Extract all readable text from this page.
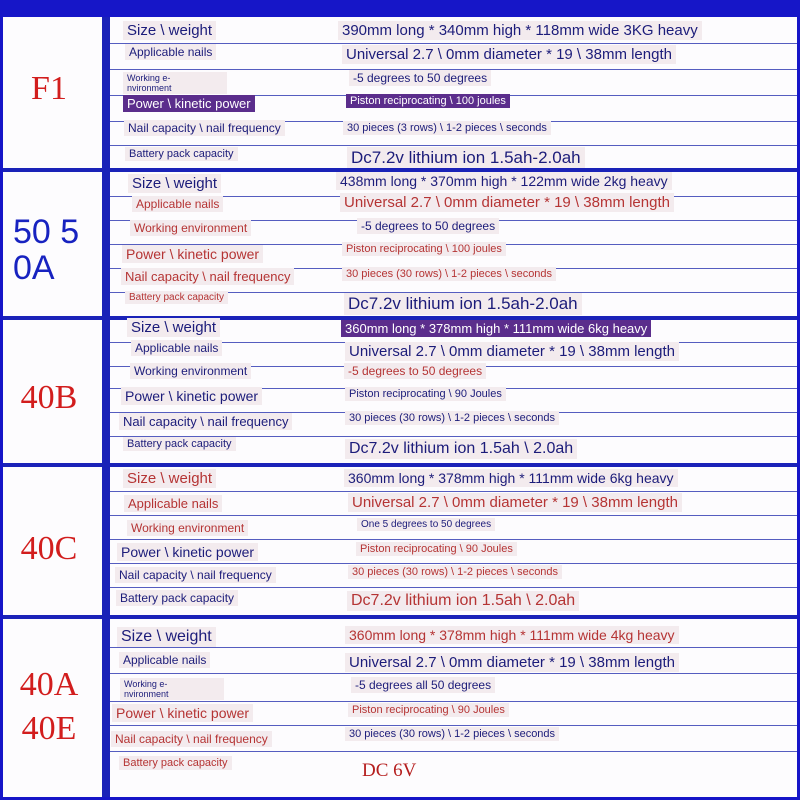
F1
Size \ weight
Applicable nails
Working e-
nvironment
Power \ kinetic power
Nail capacity \ nail frequency
Battery pack capacity
390mm long * 340mm high * 118mm wide 3KG heavy
Universal 2.7 \ 0mm diameter * 19 \ 38mm length
-5 degrees to 50 degrees
Piston reciprocating \ 100 joules
30 pieces (3 rows) \ 1-2 pieces \ seconds
Dc7.2v lithium ion 1.5ah-2.0ah
50 5 0A
Size \ weight
Applicable nails
Working environment
Power \ kinetic power
Nail capacity \ nail frequency
Battery pack capacity
438mm long * 370mm high * 122mm wide 2kg heavy
Universal 2.7 \ 0mm diameter * 19 \ 38mm length
-5 degrees to 50 degrees
Piston reciprocating \ 100 joules
30 pieces (30 rows) \ 1-2 pieces \ seconds
Dc7.2v lithium ion 1.5ah-2.0ah
40B
Size \ weight
Applicable nails
Working environment
Power \ kinetic power
Nail capacity \ nail frequency
Battery pack capacity
360mm long * 378mm high * 111mm wide 6kg heavy
Universal 2.7 \ 0mm diameter * 19 \ 38mm length
-5 degrees to 50 degrees
Piston reciprocating \ 90 Joules
30 pieces (30 rows) \ 1-2 pieces \ seconds
Dc7.2v lithium ion 1.5ah \ 2.0ah
40C
Size \ weight
Applicable nails
Working environment
Power \ kinetic power
Nail capacity \ nail frequency
Battery pack capacity
360mm long * 378mm high * 111mm wide 6kg heavy
Universal 2.7 \ 0mm diameter * 19 \ 38mm length
One 5 degrees to 50 degrees
Piston reciprocating \ 90 Joules
30 pieces (30 rows) \ 1-2 pieces \ seconds
Dc7.2v lithium ion 1.5ah \ 2.0ah
40A 40E
Size \ weight
Applicable nails
Working e-
nvironment
Power \ kinetic power
Nail capacity \ nail frequency
Battery pack capacity
360mm long * 378mm high * 111mm wide 4kg heavy
Universal 2.7 \ 0mm diameter * 19 \ 38mm length
-5 degrees all 50 degrees
Piston reciprocating \ 90 Joules
30 pieces (30 rows) \ 1-2 pieces \ seconds
DC 6V
